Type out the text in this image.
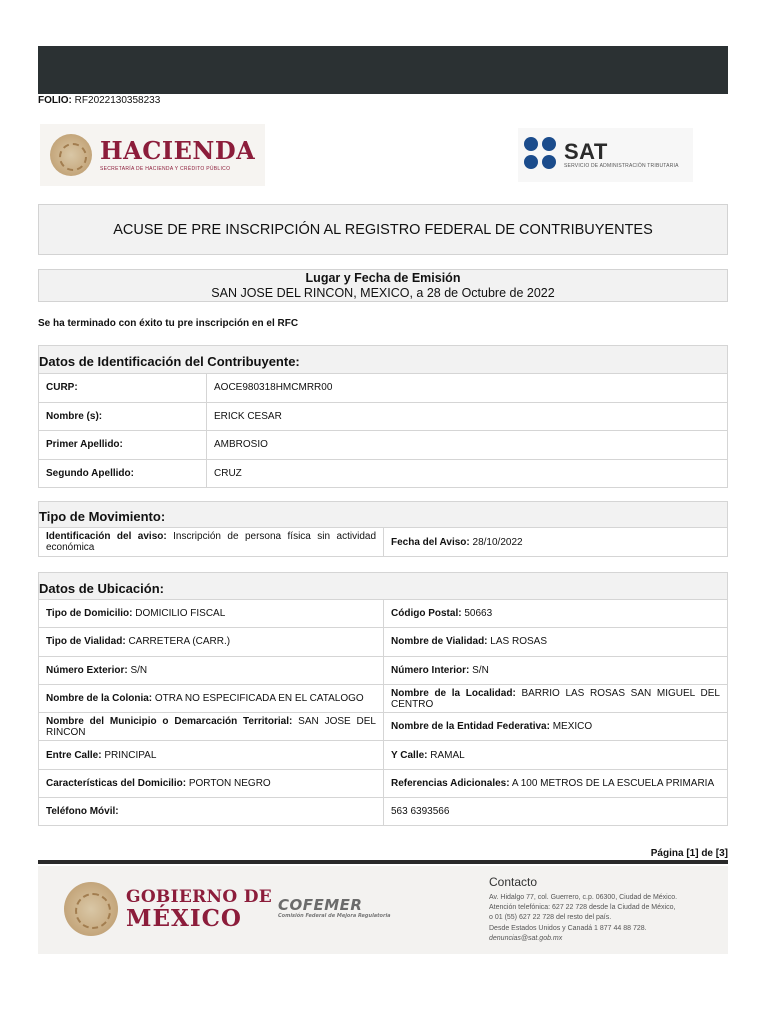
FOLIO: RF2022130358233
HACIENDA
SECRETARÍA DE HACIENDA Y CRÉDITO PÚBLICO
SAT
SERVICIO DE ADMINISTRACIÓN TRIBUTARIA
ACUSE DE PRE INSCRIPCIÓN AL REGISTRO FEDERAL DE CONTRIBUYENTES
Lugar y Fecha de Emisión
SAN JOSE DEL RINCON, MEXICO, a 28 de Octubre de 2022
Se ha terminado con éxito tu pre inscripción en el RFC
Datos de Identificación del Contribuyente:	
CURP:	AOCE980318HMCMRR00
Nombre (s):	ERICK CESAR
Primer Apellido:	AMBROSIO
Segundo Apellido:	CRUZ
Tipo de Movimiento:
Identificación del aviso: Inscripción de persona física sin actividad económica	Fecha del Aviso: 28/10/2022
Datos de Ubicación:	
Tipo de Domicilio: DOMICILIO FISCAL	Código Postal: 50663
Tipo de Vialidad: CARRETERA (CARR.)	Nombre de Vialidad: LAS ROSAS
Número Exterior: S/N	Número Interior: S/N
Nombre de la Colonia: OTRA NO ESPECIFICADA EN EL CATALOGO	Nombre de la Localidad: BARRIO LAS ROSAS SAN MIGUEL DEL CENTRO
Nombre del Municipio o Demarcación Territorial: SAN JOSE DEL RINCON	Nombre de la Entidad Federativa: MEXICO
Entre Calle: PRINCIPAL	Y Calle: RAMAL
Características del Domicilio: PORTON NEGRO	Referencias Adicionales: A 100 METROS DE LA ESCUELA PRIMARIA
Teléfono Móvil:	563 6393566
Página [1] de [3]
GOBIERNO DE
MÉXICO	COFEMER
Comisión Federal de Mejora Regulatoria
Contacto
Av. Hidalgo 77, col. Guerrero, c.p. 06300, Ciudad de México.
Atención telefónica: 627 22 728 desde la Ciudad de México,
o 01 (55) 627 22 728 del resto del país.
Desde Estados Unidos y Canadá 1 877 44 88 728.
denuncias@sat.gob.mx
